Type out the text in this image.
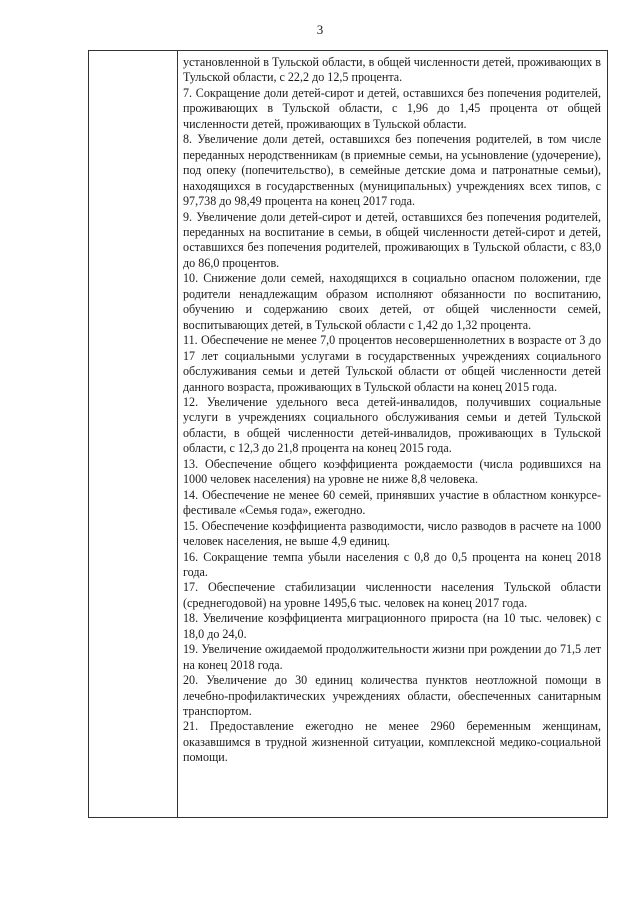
3

установленной в Тульской области, в общей численности детей, проживающих в Тульской области, с 22,2 до 12,5 процента.

7. Сокращение доли детей-сирот и детей, оставшихся без попечения родителей, проживающих в Тульской области, с 1,96 до 1,45 процента от общей численности детей, проживающих в Тульской области.

8. Увеличение доли детей, оставшихся без попечения родителей, в том числе переданных неродственникам (в приемные семьи, на усыновление (удочерение), под опеку (попечительство), в семейные детские дома и патронатные семьи), находящихся в государственных (муниципальных) учреждениях всех типов, с 97,738 до 98,49 процента на конец 2017 года.

9. Увеличение доли детей-сирот и детей, оставшихся без попечения родителей, переданных на воспитание в семьи, в общей численности детей-сирот и детей, оставшихся без попечения родителей, проживающих в Тульской области, с 83,0 до 86,0 процентов.

10. Снижение доли семей, находящихся в социально опасном положении, где родители ненадлежащим образом исполняют обязанности по воспитанию, обучению и содержанию своих детей, от общей численности семей, воспитывающих детей, в Тульской области с 1,42 до 1,32 процента.

11. Обеспечение не менее 7,0 процентов несовершеннолетних в возрасте от 3 до 17 лет социальными услугами в государственных учреждениях социального обслуживания семьи и детей Тульской области от общей численности детей данного возраста, проживающих в Тульской области на конец 2015 года.

12. Увеличение удельного веса детей-инвалидов, получивших социальные услуги в учреждениях социального обслуживания семьи и детей Тульской области, в общей численности детей-инвалидов, проживающих в Тульской области, с 12,3 до 21,8 процента на конец 2015 года.

13. Обеспечение общего коэффициента рождаемости (числа родившихся на 1000 человек населения) на уровне не ниже 8,8 человека.

14. Обеспечение не менее 60 семей, принявших участие в областном конкурсе-фестивале «Семья года», ежегодно.

15. Обеспечение коэффициента разводимости, число разводов в расчете на 1000 человек населения, не выше 4,9 единиц.

16. Сокращение темпа убыли населения с 0,8 до 0,5 процента на конец 2018 года.

17. Обеспечение стабилизации численности населения Тульской области (среднегодовой) на уровне 1495,6 тыс. человек на конец 2017 года.

18. Увеличение коэффициента миграционного прироста (на 10 тыс. человек) с 18,0 до 24,0.

19. Увеличение ожидаемой продолжительности жизни при рождении до 71,5 лет на конец 2018 года.

20. Увеличение до 30 единиц количества пунктов неотложной помощи в лечебно-профилактических учреждениях области, обеспеченных санитарным транспортом.

21. Предоставление ежегодно не менее 2960 беременным женщинам, оказавшимся в трудной жизненной ситуации, комплексной медико-социальной помощи.
